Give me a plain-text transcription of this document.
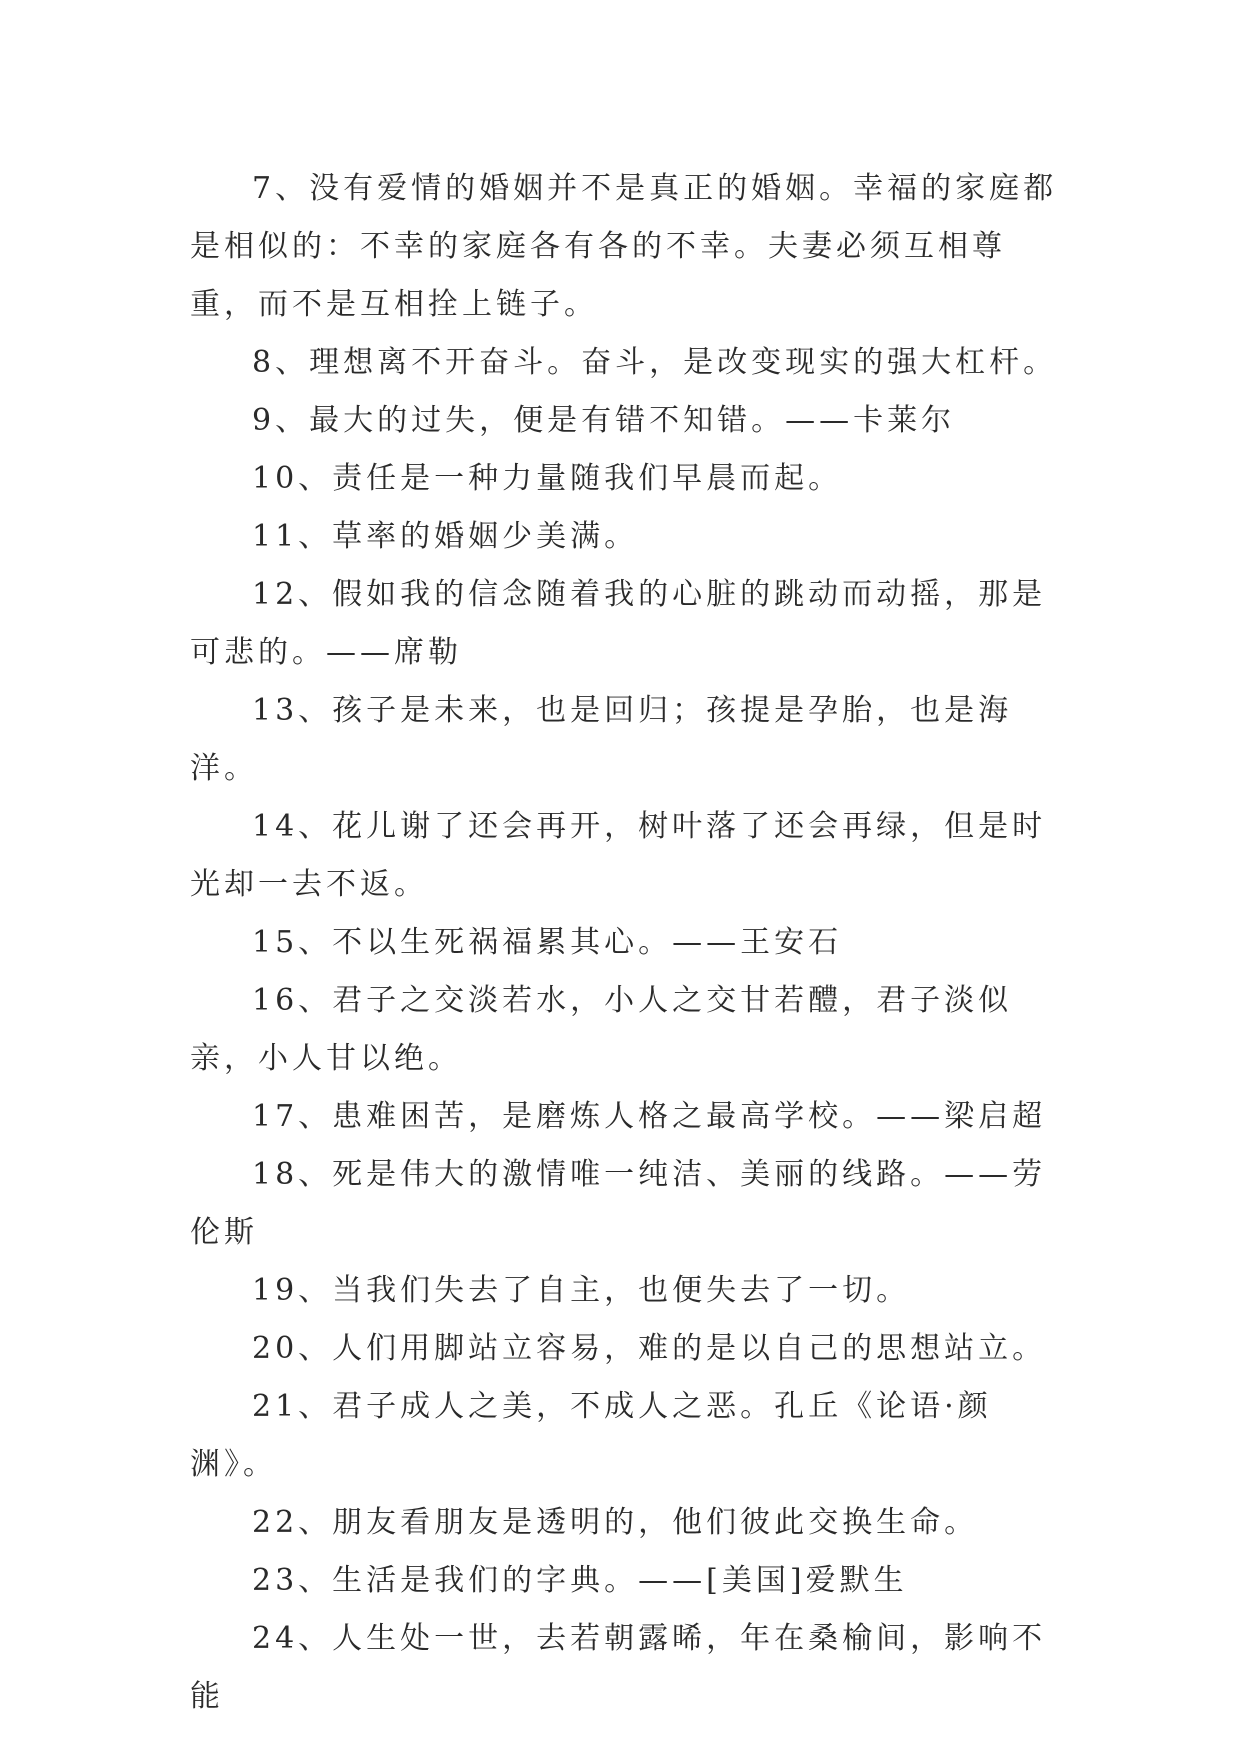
7、没有爱情的婚姻并不是真正的婚姻。幸福的家庭都是相似的：不幸的家庭各有各的不幸。夫妻必须互相尊重，而不是互相拴上链子。

8、理想离不开奋斗。奋斗，是改变现实的强大杠杆。

9、最大的过失，便是有错不知错。——卡莱尔

10、责任是一种力量随我们早晨而起。

11、草率的婚姻少美满。

12、假如我的信念随着我的心脏的跳动而动摇，那是可悲的。——席勒

13、孩子是未来，也是回归；孩提是孕胎，也是海洋。

14、花儿谢了还会再开，树叶落了还会再绿，但是时光却一去不返。

15、不以生死祸福累其心。——王安石

16、君子之交淡若水，小人之交甘若醴，君子淡似亲，小人甘以绝。

17、患难困苦，是磨炼人格之最高学校。——梁启超

18、死是伟大的激情唯一纯洁、美丽的线路。——劳伦斯

19、当我们失去了自主，也便失去了一切。

20、人们用脚站立容易，难的是以自己的思想站立。

21、君子成人之美，不成人之恶。孔丘《论语·颜渊》。

22、朋友看朋友是透明的，他们彼此交换生命。

23、生活是我们的字典。——[美国]爱默生

24、人生处一世，去若朝露晞，年在桑榆间，影响不能
